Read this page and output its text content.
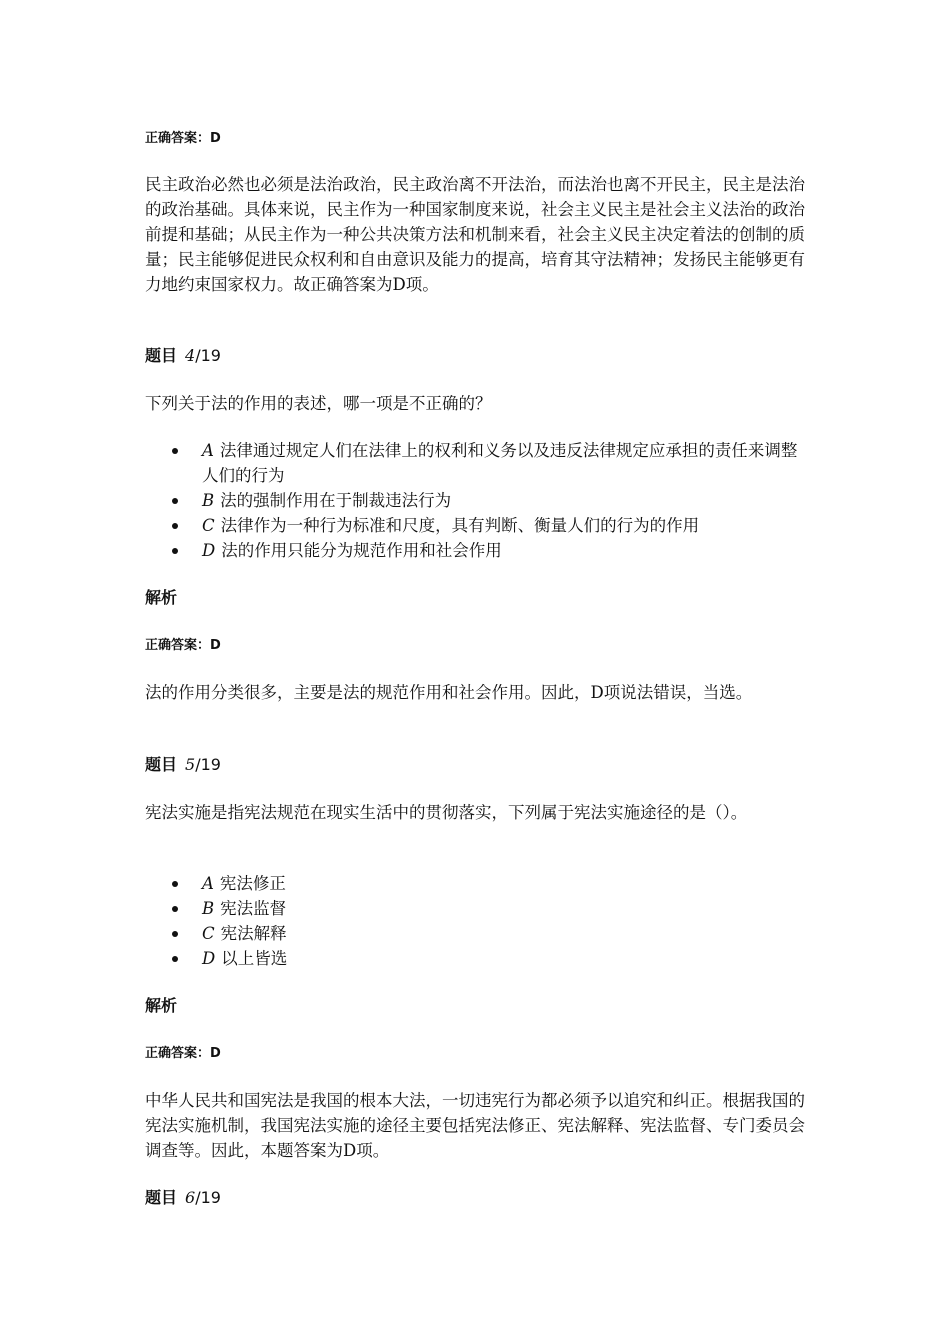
正确答案：D

民主政治必然也必须是法治政治，民主政治离不开法治，而法治也离不开民主，民主是法治的政治基础。具体来说，民主作为一种国家制度来说，社会主义民主是社会主义法治的政治前提和基础；从民主作为一种公共决策方法和机制来看，社会主义民主决定着法的创制的质量；民主能够促进民众权利和自由意识及能力的提高，培育其守法精神；发扬民主能够更有力地约束国家权力。故正确答案为D项。

题目 4/19

下列关于法的作用的表述，哪一项是不正确的？

A 法律通过规定人们在法律上的权利和义务以及违反法律规定应承担的责任来调整人们的行为
B 法的强制作用在于制裁违法行为
C 法律作为一种行为标准和尺度，具有判断、衡量人们的行为的作用
D 法的作用只能分为规范作用和社会作用
解析
正确答案：D

法的作用分类很多，主要是法的规范作用和社会作用。因此，D项说法错误，当选。

题目 5/19

宪法实施是指宪法规范在现实生活中的贯彻落实，下列属于宪法实施途径的是（）。

A 宪法修正
B 宪法监督
C 宪法解释
D 以上皆选
解析
正确答案：D

中华人民共和国宪法是我国的根本大法，一切违宪行为都必须予以追究和纠正。根据我国的宪法实施机制，我国宪法实施的途径主要包括宪法修正、宪法解释、宪法监督、专门委员会调查等。因此，本题答案为D项。

题目 6/19
